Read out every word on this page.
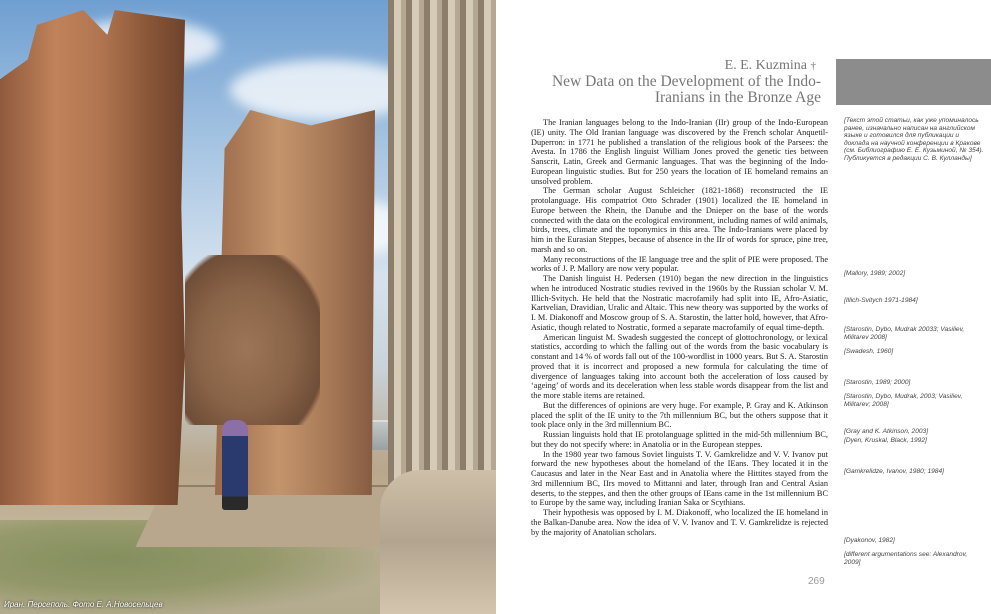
Иран. Персеполь. Фото Е. А.Новосельцев
E. E. Kuzmina †
New Data on the Development of the Indo-Iranians in the Bronze Age

The Iranian languages belong to the Indo-Iranian (IIr) group of the Indo-European (IE) unity. The Old Iranian language was discovered by the French scholar Anquetil-Duperron: in 1771 he published a translation of the religious book of the Parsees: the Avesta. In 1786 the English linguist William Jones proved the genetic ties between Sanscrit, Latin, Greek and Germanic languages. That was the beginning of the Indo-European linguistic studies. But for 250 years the location of IE homeland remains an unsolved problem.

The German scholar August Schleicher (1821-1868) reconstructed the IE protolanguage. His compatriot Otto Schrader (1901) localized the IE homeland in Europe between the Rhein, the Danube and the Dnieper on the base of the words connected with the data on the ecological environment, including names of wild animals, birds, trees, climate and the toponymics in this area. The Indo-Iranians were placed by him in the Eurasian Steppes, because of absence in the IIr of words for spruce, pine tree, marsh and so on.

Many reconstructions of the IE language tree and the split of PIE were proposed. The works of J. P. Mallory are now very popular.

The Danish linguist H. Pedersen (1910) began the new direction in the linguistics when he introduced Nostratic studies revived in the 1960s by the Russian scholar V. M. Illich-Svitych. He held that the Nostratic macrofamily had split into IE, Afro-Asiatic, Kartvelian, Dravidian, Uralic and Altaic. This new theory was supported by the works of I. M. Diakonoff and Moscow group of S. A. Starostin, the latter hold, however, that Afro-Asiatic, though related to Nostratic, formed a separate macrofamily of equal time-depth.

American linguist M. Swadesh suggested the concept of glottochronology, or lexical statistics, according to which the falling out of the words from the basic vocabulary is constant and 14 % of words fall out of the 100-wordlist in 1000 years. But S. A. Starostin proved that it is incorrect and proposed a new formula for calculating the time of divergence of languages taking into account both the acceleration of loss caused by ‘ageing’ of words and its deceleration when less stable words disappear from the list and the more stable items are retained.

But the differences of opinions are very huge. For example, P. Gray and K. Atkinson placed the split of the IE unity to the 7th millennium BC, but the others suppose that it took place only in the 3rd millennium BC.

Russian linguists hold that IE protolanguage splitted in the mid-5th millennium BC, but they do not specify where: in Anatolia or in the European steppes.

In the 1980 year two famous Soviet linguists T. V. Gamkrelidze and V. V. Ivanov put forward the new hypotheses about the homeland of the IEans. They located it in the Caucasus and later in the Near East and in Anatolia where the Hittites stayed from the 3rd millennium BC, IIrs moved to Mittanni and later, through Iran and Central Asian deserts, to the steppes, and then the other groups of IEans came in the 1st millennium BC to Europe by the same way, including Iranian Saka or Scythians.

Their hypothesis was opposed by I. M. Diakonoff, who localized the IE homeland in the Balkan-Danube area. Now the idea of V. V. Ivanov and T. V. Gamkrelidze is rejected by the majority of Anatolian scholars.

[Текст этой статьи, как уже упоминалось ранее, изначально написан на английском языке и готовился для публикации и доклада на научной конференции в Кракове (см. Библиографию Е. Е. Кузьминой, № 354). Публикуется в редакции С. В. Кулланды]
[Mallory, 1989; 2002]
[Illich-Svitych 1971-1984]
[Starostin, Dybo, Mudrak 20033; Vasiliev, Militarev 2008]
[Swadesh, 1960]
[Starostin, 1989; 2000]
[Starostin, Dybo, Mudrak, 2003; Vasiliev, Militarev; 2008]
[Gray and K. Atkinson, 2003]
[Dyen, Kruskal, Black, 1992]
[Gamkrelidze, Ivanov, 1980; 1984]
[Dyakonov, 1982]
[different argumentations see: Alexandrov, 2009]
269
